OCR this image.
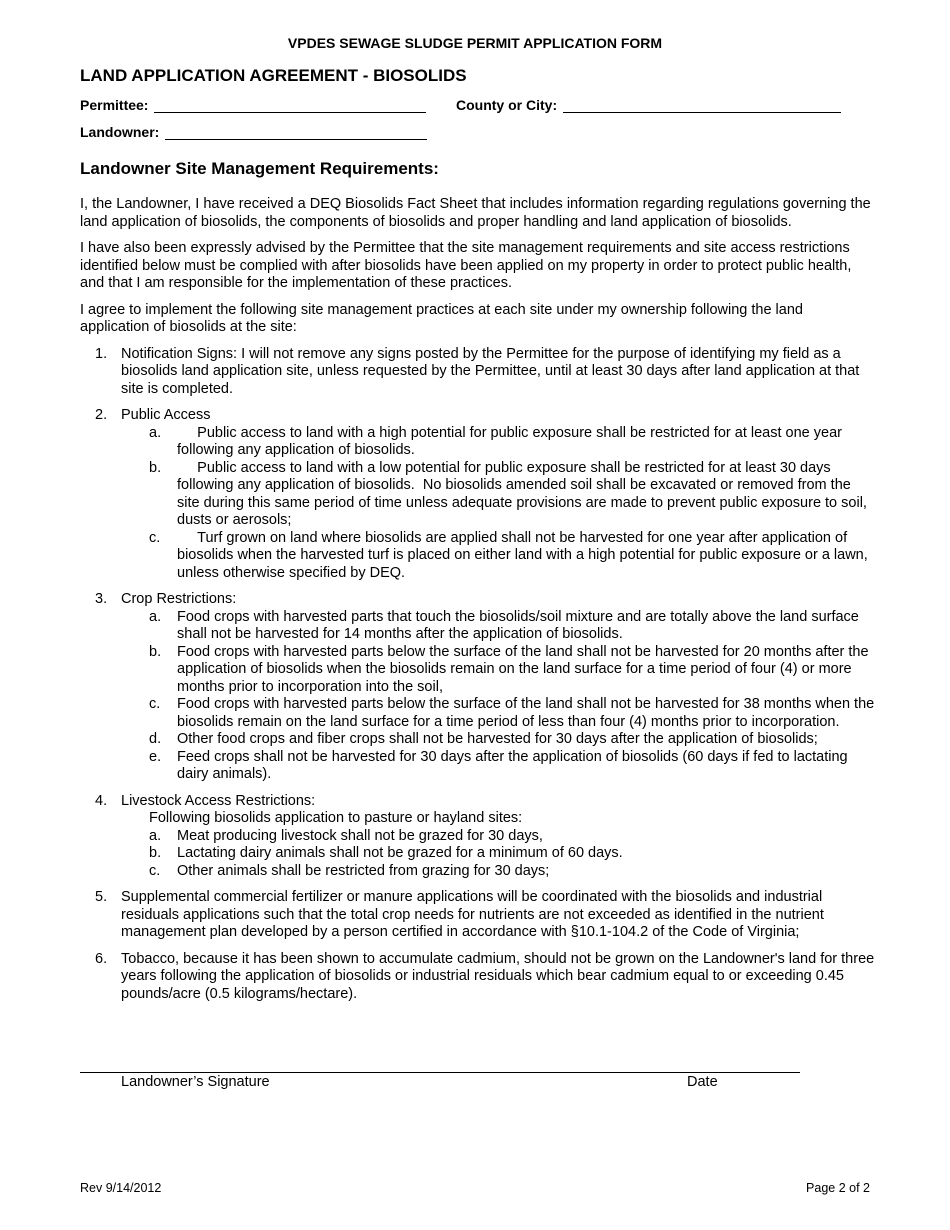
VPDES SEWAGE SLUDGE PERMIT APPLICATION FORM
LAND APPLICATION AGREEMENT - BIOSOLIDS
Permittee:	County or City:
Landowner:
Landowner Site Management Requirements:

I, the Landowner, I have received a DEQ Biosolids Fact Sheet that includes information regarding regulations governing the land application of biosolids, the components of biosolids and proper handling and land application of biosolids.

I have also been expressly advised by the Permittee that the site management requirements and site access restrictions identified below must be complied with after biosolids have been applied on my property in order to protect public health, and that I am responsible for the implementation of these practices.

I agree to implement the following site management practices at each site under my ownership following the land application of biosolids at the site:

1. Notification Signs: I will not remove any signs posted by the Permittee for the purpose of identifying my field as a biosolids land application site, unless requested by the Permittee, until at least 30 days after land application at that site is completed.
2. Public Access
a. Public access to land with a high potential for public exposure shall be restricted for at least one year following any application of biosolids.
b. Public access to land with a low potential for public exposure shall be restricted for at least 30 days following any application of biosolids.  No biosolids amended soil shall be excavated or removed from the site during this same period of time unless adequate provisions are made to prevent public exposure to soil, dusts or aerosols;
c. Turf grown on land where biosolids are applied shall not be harvested for one year after application of biosolids when the harvested turf is placed on either land with a high potential for public exposure or a lawn, unless otherwise specified by DEQ.
3. Crop Restrictions:
a. Food crops with harvested parts that touch the biosolids/soil mixture and are totally above the land surface shall not be harvested for 14 months after the application of biosolids.
b. Food crops with harvested parts below the surface of the land shall not be harvested for 20 months after the application of biosolids when the biosolids remain on the land surface for a time period of four (4) or more months prior to incorporation into the soil,
c. Food crops with harvested parts below the surface of the land shall not be harvested for 38 months when the biosolids remain on the land surface for a time period of less than four (4) months prior to incorporation.
d. Other food crops and fiber crops shall not be harvested for 30 days after the application of biosolids;
e. Feed crops shall not be harvested for 30 days after the application of biosolids (60 days if fed to lactating dairy animals).
4. Livestock Access Restrictions:
Following biosolids application to pasture or hayland sites:
a. Meat producing livestock shall not be grazed for 30 days,
b. Lactating dairy animals shall not be grazed for a minimum of 60 days.
c. Other animals shall be restricted from grazing for 30 days;
5. Supplemental commercial fertilizer or manure applications will be coordinated with the biosolids and industrial residuals applications such that the total crop needs for nutrients are not exceeded as identified in the nutrient management plan developed by a person certified in accordance with §10.1-104.2 of the Code of Virginia;
6. Tobacco, because it has been shown to accumulate cadmium, should not be grown on the Landowner's land for three years following the application of biosolids or industrial residuals which bear cadmium equal to or exceeding 0.45 pounds/acre (0.5 kilograms/hectare).
Landowner’s Signature	Date
Rev 9/14/2012	Page 2 of 2
